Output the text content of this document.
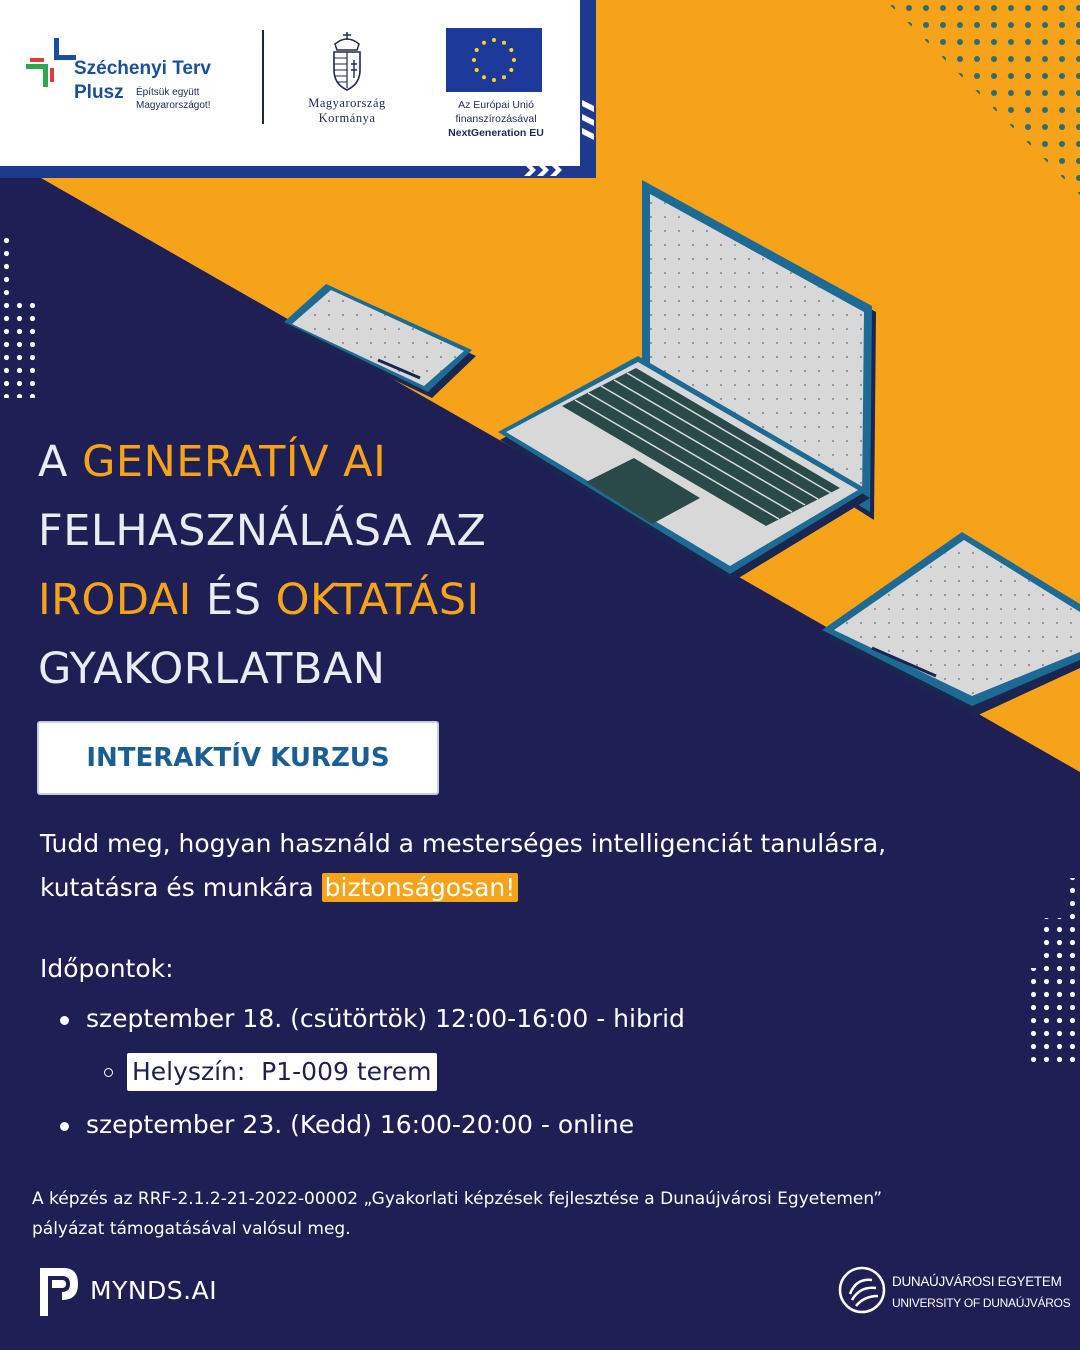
Széchenyi Terv
Plusz Építsük együtt
Magyarországot!	Magyarország
Kormánya
Az Európai Unió
finanszírozásával
NextGeneration EU
A GENERATÍV AI
FELHASZNÁLÁSA AZ
IRODAI ÉS OKTATÁSI
GYAKORLATBAN
INTERAKTÍV KURZUS
Tudd meg, hogyan használd a mesterséges intelligenciát tanulásra,
kutatásra és munkára biztonságosan!
Időpontok:
szeptember 18. (csütörtök) 12:00-16:00 - hibrid
Helyszín:  P1-009 terem
szeptember 23. (Kedd) 16:00-20:00 - online
A képzés az RRF-2.1.2-21-2022-00002 „Gyakorlati képzések fejlesztése a Dunaújvárosi Egyetemen”
pályázat támogatásával valósul meg.
MYNDS.AI	DUNAÚJVÁROSI EGYETEM
UNIVERSITY OF DUNAÚJVÁROS
